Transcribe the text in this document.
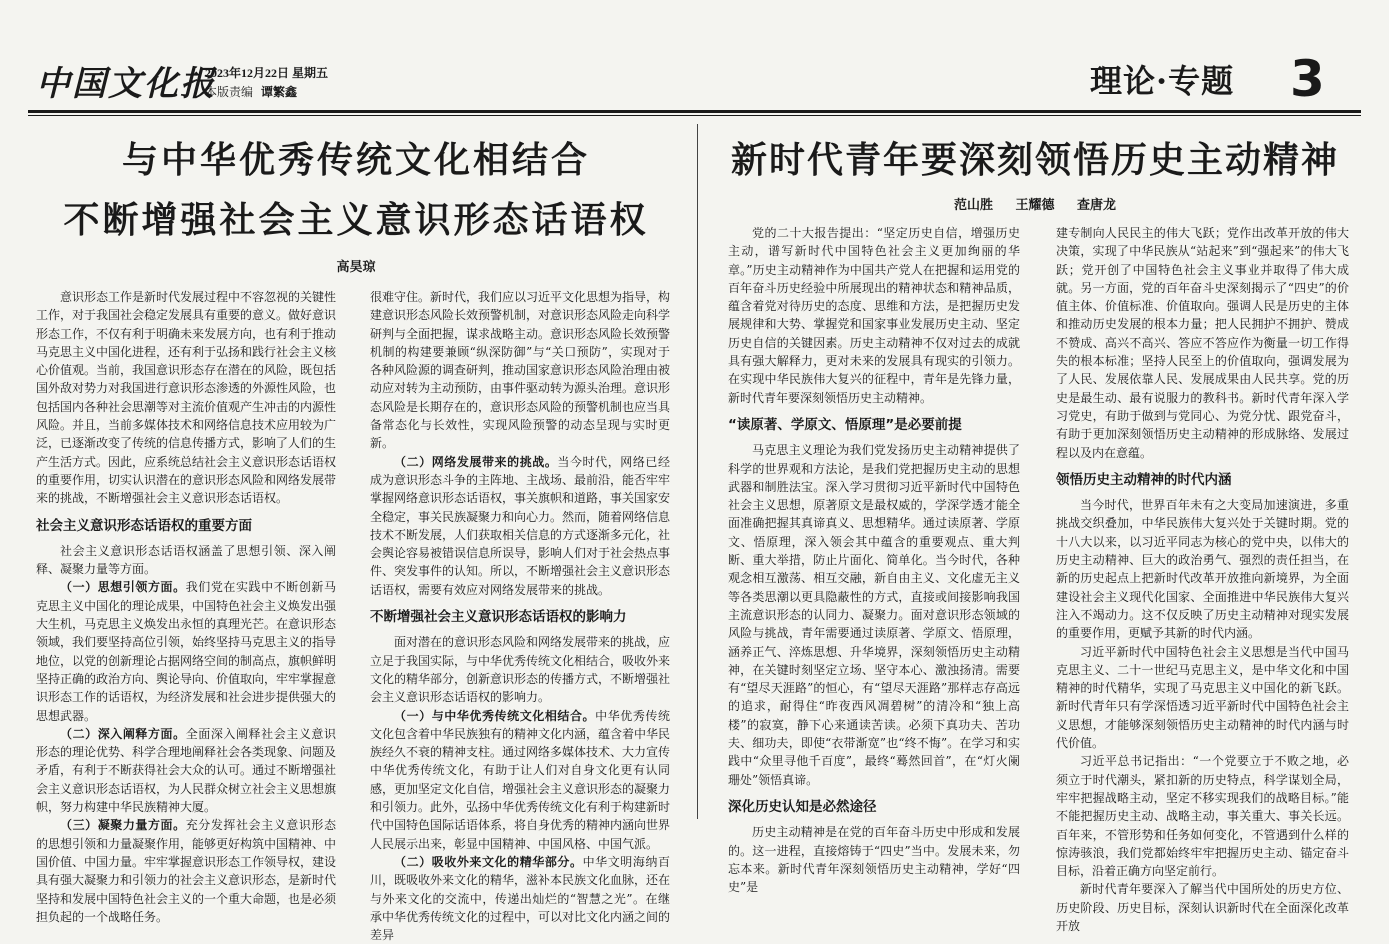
中国文化报
2023年12月22日 星期五
本版责编 谭繁鑫	理论·专题 3
与中华优秀传统文化相结合
不断增强社会主义意识形态话语权
高昊琼
新时代青年要深刻领悟历史主动精神
范山胜 王耀德 查唐龙

意识形态工作是新时代发展过程中不容忽视的关键性工作，对于我国社会稳定发展具有重要的意义。做好意识形态工作，不仅有利于明确未来发展方向，也有利于推动马克思主义中国化进程，还有利于弘扬和践行社会主义核心价值观。当前，我国意识形态存在潜在的风险，既包括国外敌对势力对我国进行意识形态渗透的外源性风险，也包括国内各种社会思潮等对主流价值观产生冲击的内源性风险。并且，当前多媒体技术和网络信息技术应用较为广泛，已逐渐改变了传统的信息传播方式，影响了人们的生产生活方式。因此，应系统总结社会主义意识形态话语权的重要作用，切实认识潜在的意识形态风险和网络发展带来的挑战，不断增强社会主义意识形态话语权。

社会主义意识形态话语权的重要方面

社会主义意识形态话语权涵盖了思想引领、深入阐释、凝聚力量等方面。

（一）思想引领方面。我们党在实践中不断创新马克思主义中国化的理论成果，中国特色社会主义焕发出强大生机，马克思主义焕发出永恒的真理光芒。在意识形态领域，我们要坚持高位引领，始终坚持马克思主义的指导地位，以党的创新理论占据网络空间的制高点，旗帜鲜明坚持正确的政治方向、舆论导向、价值取向，牢牢掌握意识形态工作的话语权，为经济发展和社会进步提供强大的思想武器。

（二）深入阐释方面。全面深入阐释社会主义意识形态的理论优势、科学合理地阐释社会各类现象、问题及矛盾，有利于不断获得社会大众的认可。通过不断增强社会主义意识形态话语权，为人民群众树立社会主义思想旗帜，努力构建中华民族精神大厦。

（三）凝聚力量方面。充分发挥社会主义意识形态的思想引领和力量凝聚作用，能够更好构筑中国精神、中国价值、中国力量。牢牢掌握意识形态工作领导权，建设具有强大凝聚力和引领力的社会主义意识形态，是新时代坚持和发展中国特色社会主义的一个重大命题，也是必须担负起的一个战略任务。

很难守住。新时代，我们应以习近平文化思想为指导，构建意识形态风险长效预警机制，对意识形态风险走向科学研判与全面把握，谋求战略主动。意识形态风险长效预警机制的构建要兼顾“纵深防御”与“关口预防”，实现对于各种风险源的调查研判，推动国家意识形态风险治理由被动应对转为主动预防，由事件驱动转为源头治理。意识形态风险是长期存在的，意识形态风险的预警机制也应当具备常态化与长效性，实现风险预警的动态呈现与实时更新。

（二）网络发展带来的挑战。当今时代，网络已经成为意识形态斗争的主阵地、主战场、最前沿，能否牢牢掌握网络意识形态话语权，事关旗帜和道路，事关国家安全稳定，事关民族凝聚力和向心力。然而，随着网络信息技术不断发展，人们获取相关信息的方式逐渐多元化，社会舆论容易被错误信息所误导，影响人们对于社会热点事件、突发事件的认知。所以，不断增强社会主义意识形态话语权，需要有效应对网络发展带来的挑战。

不断增强社会主义意识形态话语权的影响力

面对潜在的意识形态风险和网络发展带来的挑战，应立足于我国实际，与中华优秀传统文化相结合，吸收外来文化的精华部分，创新意识形态的传播方式，不断增强社会主义意识形态话语权的影响力。

（一）与中华优秀传统文化相结合。中华优秀传统文化包含着中华民族独有的精神文化内涵，蕴含着中华民族经久不衰的精神支柱。通过网络多媒体技术、大力宣传中华优秀传统文化，有助于让人们对自身文化更有认同感，更加坚定文化自信，增强社会主义意识形态的凝聚力和引领力。此外，弘扬中华优秀传统文化有利于构建新时代中国特色国际话语体系，将自身优秀的精神内涵向世界人民展示出来，彰显中国精神、中国风格、中国气派。

（二）吸收外来文化的精华部分。中华文明海纳百川，既吸收外来文化的精华，滋补本民族文化血脉，还在与外来文化的交流中，传递出灿烂的“智慧之光”。在继承中华优秀传统文化的过程中，可以对比文化内涵之间的差异

党的二十大报告提出：“坚定历史自信，增强历史主动，谱写新时代中国特色社会主义更加绚丽的华章。”历史主动精神作为中国共产党人在把握和运用党的百年奋斗历史经验中所展现出的精神状态和精神品质，蕴含着党对待历史的态度、思维和方法，是把握历史发展规律和大势、掌握党和国家事业发展历史主动、坚定历史自信的关键因素。历史主动精神不仅对过去的成就具有强大解释力，更对未来的发展具有现实的引领力。在实现中华民族伟大复兴的征程中，青年是先锋力量，新时代青年要深刻领悟历史主动精神。

“读原著、学原文、悟原理”是必要前提

马克思主义理论为我们党发扬历史主动精神提供了科学的世界观和方法论，是我们党把握历史主动的思想武器和制胜法宝。深入学习贯彻习近平新时代中国特色社会主义思想，原著原文是最权威的，学深学透才能全面准确把握其真谛真义、思想精华。通过读原著、学原文、悟原理，深入领会其中蕴含的重要观点、重大判断、重大举措，防止片面化、简单化。当今时代，各种观念相互激荡、相互交融，新自由主义、文化虚无主义等各类思潮以更具隐蔽性的方式，直接或间接影响我国主流意识形态的认同力、凝聚力。面对意识形态领域的风险与挑战，青年需要通过读原著、学原文、悟原理，涵养正气、淬炼思想、升华境界，深刻领悟历史主动精神，在关键时刻坚定立场、坚守本心、激浊扬清。需要有“望尽天涯路”的恒心，有“望尽天涯路”那样志存高远的追求，耐得住“昨夜西风凋碧树”的清冷和“独上高楼”的寂寞，静下心来通读苦读。必须下真功夫、苦功夫、细功夫，即使“衣带渐宽”也“终不悔”。在学习和实践中“众里寻他千百度”，最终“蓦然回首”，在“灯火阑珊处”领悟真谛。

深化历史认知是必然途径

历史主动精神是在党的百年奋斗历史中形成和发展的。这一进程，直接熔铸于“四史”当中。发展未来，勿忘本来。新时代青年深刻领悟历史主动精神，学好“四史”是

建专制向人民民主的伟大飞跃；党作出改革开放的伟大决策，实现了中华民族从“站起来”到“强起来”的伟大飞跃；党开创了中国特色社会主义事业并取得了伟大成就。另一方面，党的百年奋斗史深刻揭示了“四史”的价值主体、价值标准、价值取向。强调人民是历史的主体和推动历史发展的根本力量；把人民拥护不拥护、赞成不赞成、高兴不高兴、答应不答应作为衡量一切工作得失的根本标准；坚持人民至上的价值取向，强调发展为了人民、发展依靠人民、发展成果由人民共享。党的历史是最生动、最有说服力的教科书。新时代青年深入学习党史，有助于做到与党同心、为党分忧、跟党奋斗，有助于更加深刻领悟历史主动精神的形成脉络、发展过程以及内在意蕴。

领悟历史主动精神的时代内涵

当今时代，世界百年未有之大变局加速演进，多重挑战交织叠加，中华民族伟大复兴处于关键时期。党的十八大以来，以习近平同志为核心的党中央，以伟大的历史主动精神、巨大的政治勇气、强烈的责任担当，在新的历史起点上把新时代改革开放推向新境界，为全面建设社会主义现代化国家、全面推进中华民族伟大复兴注入不竭动力。这不仅反映了历史主动精神对现实发展的重要作用，更赋予其新的时代内涵。

习近平新时代中国特色社会主义思想是当代中国马克思主义、二十一世纪马克思主义，是中华文化和中国精神的时代精华，实现了马克思主义中国化的新飞跃。新时代青年只有学深悟透习近平新时代中国特色社会主义思想，才能够深刻领悟历史主动精神的时代内涵与时代价值。

习近平总书记指出：“一个党要立于不败之地，必须立于时代潮头，紧扣新的历史特点，科学谋划全局，牢牢把握战略主动，坚定不移实现我们的战略目标。”能不能把握历史主动、战略主动，事关重大、事关长远。百年来，不管形势和任务如何变化，不管遇到什么样的惊涛骇浪，我们党都始终牢牢把握历史主动、锚定奋斗目标，沿着正确方向坚定前行。

新时代青年要深入了解当代中国所处的历史方位、历史阶段、历史目标，深刻认识新时代在全面深化改革开放
